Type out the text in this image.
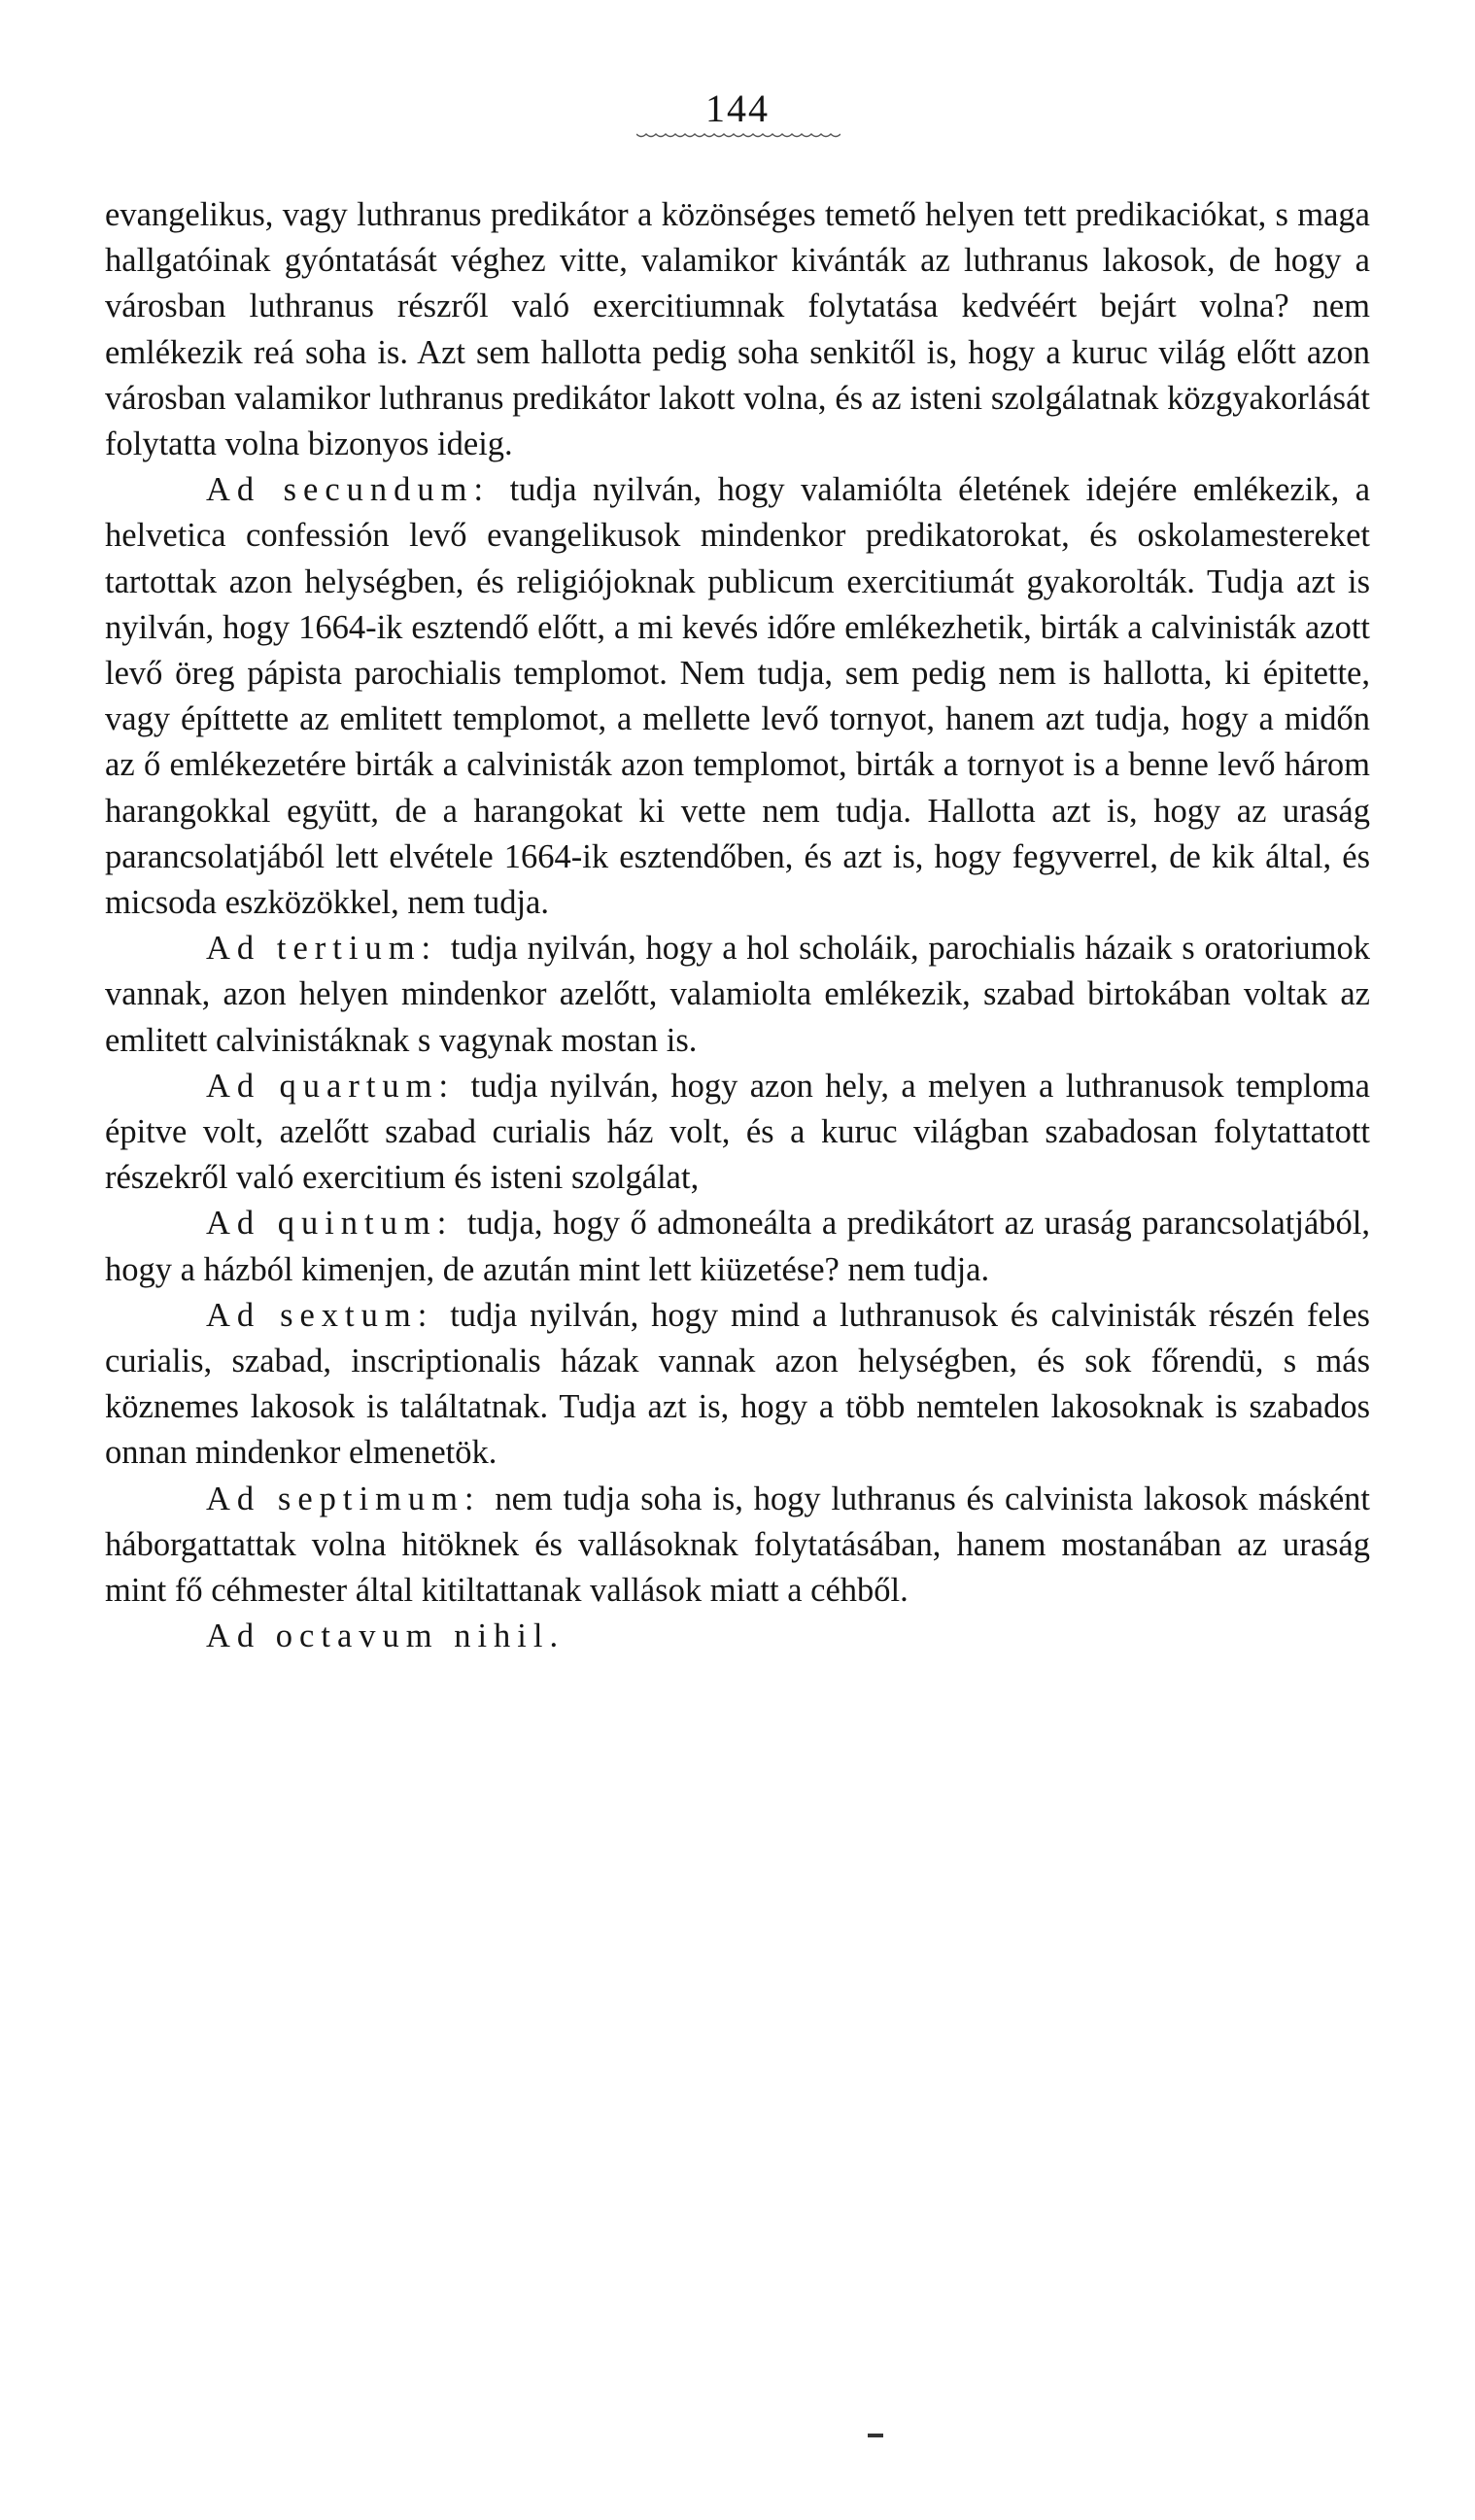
144

evangelikus, vagy luthranus predikátor a közönséges temető helyen tett predikaciókat, s maga hallgatóinak gyóntatását véghez vitte, valamikor kivánták az luthranus lakosok, de hogy a városban luthranus részről való exercitiumnak folytatása kedvéért bejárt volna? nem emlékezik reá soha is. Azt sem hallotta pedig soha senkitől is, hogy a kuruc világ előtt azon városban valamikor luthranus predikátor lakott volna, és az isteni szolgálatnak közgyakorlását folytatta volna bizonyos ideig.

Ad secundum: tudja nyilván, hogy valamiólta életének idejére emlékezik, a helvetica confessión levő evangelikusok mindenkor predikatorokat, és oskolamestereket tartottak azon helységben, és religiójoknak publicum exercitiumát gyakorolták. Tudja azt is nyilván, hogy 1664-ik esztendő előtt, a mi kevés időre emlékezhetik, birták a calvinisták azott levő öreg pápista parochialis templomot. Nem tudja, sem pedig nem is hallotta, ki épitette, vagy építtette az emlitett templomot, a mellette levő tornyot, hanem azt tudja, hogy a midőn az ő emlékezetére birták a calvinisták azon templomot, birták a tornyot is a benne levő három harangokkal együtt, de a harangokat ki vette nem tudja. Hallotta azt is, hogy az uraság parancsolatjából lett elvétele 1664-ik esztendőben, és azt is, hogy fegyverrel, de kik által, és micsoda eszközökkel, nem tudja.

Ad tertium: tudja nyilván, hogy a hol scholáik, parochialis házaik s oratoriumok vannak, azon helyen mindenkor azelőtt, valamiolta emlékezik, szabad birtokában voltak az emlitett calvinistáknak s vagynak mostan is.

Ad quartum: tudja nyilván, hogy azon hely, a melyen a luthranusok temploma épitve volt, azelőtt szabad curialis ház volt, és a kuruc világban szabadosan folytattatott részekről való exercitium és isteni szolgálat,

Ad quintum: tudja, hogy ő admoneálta a predikátort az uraság parancsolatjából, hogy a házból kimenjen, de azután mint lett kiüzetése? nem tudja.

Ad sextum: tudja nyilván, hogy mind a luthranusok és calvinisták részén feles curialis, szabad, inscriptionalis házak vannak azon helységben, és sok főrendü, s más köznemes lakosok is találtatnak. Tudja azt is, hogy a több nemtelen lakosoknak is szabados onnan mindenkor elmenetök.

Ad septimum: nem tudja soha is, hogy luthranus és calvinista lakosok másként háborgattattak volna hitöknek és vallásoknak folytatásában, hanem mostanában az uraság mint fő céhmester által kitiltattanak vallások miatt a céhből.

Ad octavum nihil.
